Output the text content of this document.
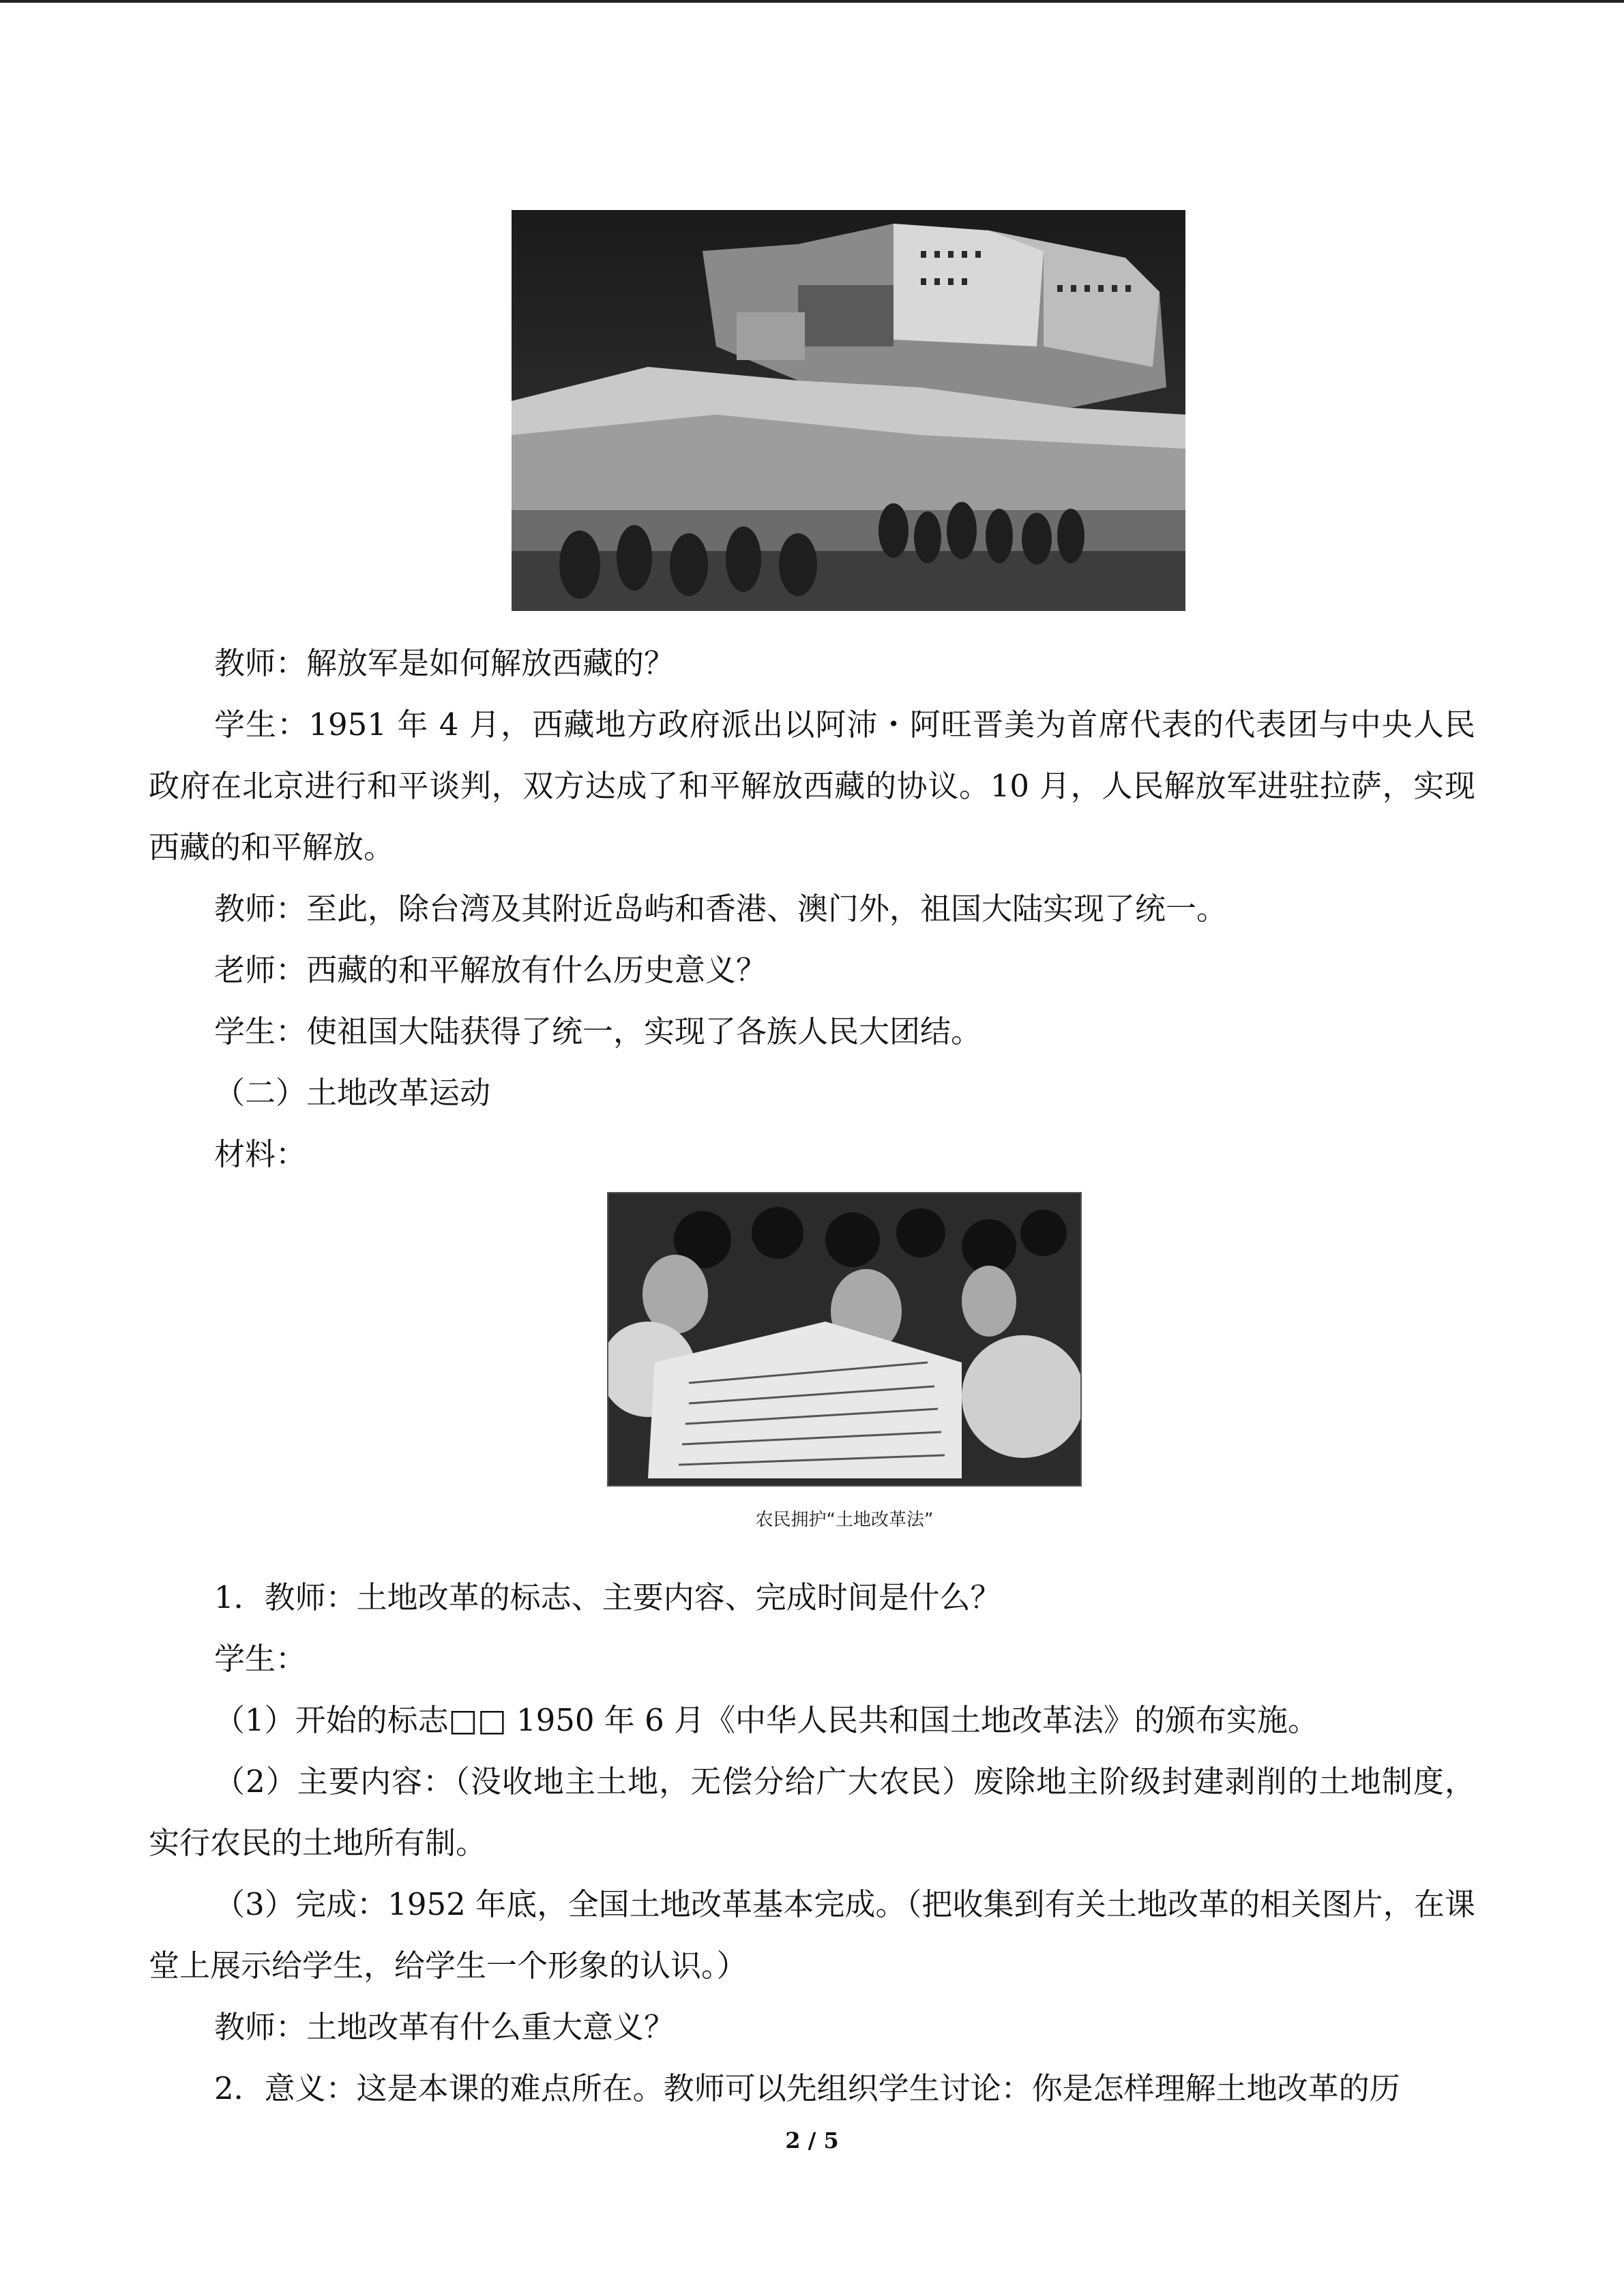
教师：解放军是如何解放西藏的？
学生：1951 年 4 月，西藏地方政府派出以阿沛・阿旺晋美为首席代表的代表团与中央人民政府在北京进行和平谈判，双方达成了和平解放西藏的协议。10 月，人民解放军进驻拉萨，实现西藏的和平解放。
教师：至此，除台湾及其附近岛屿和香港、澳门外，祖国大陆实现了统一。
老师：西藏的和平解放有什么历史意义？
学生：使祖国大陆获得了统一，实现了各族人民大团结。
（二）土地改革运动
材料：
农民拥护“土地改革法”
1．教师：土地改革的标志、主要内容、完成时间是什么？
学生：
（1）开始的标志□□ 1950 年 6 月《中华人民共和国土地改革法》的颁布实施。
（2）主要内容：（没收地主土地，无偿分给广大农民）废除地主阶级封建剥削的土地制度，实行农民的土地所有制。
（3）完成：1952 年底，全国土地改革基本完成。（把收集到有关土地改革的相关图片，在课堂上展示给学生，给学生一个形象的认识。）
教师：土地改革有什么重大意义？
2．意义：这是本课的难点所在。教师可以先组织学生讨论：你是怎样理解土地改革的历
2 / 5
